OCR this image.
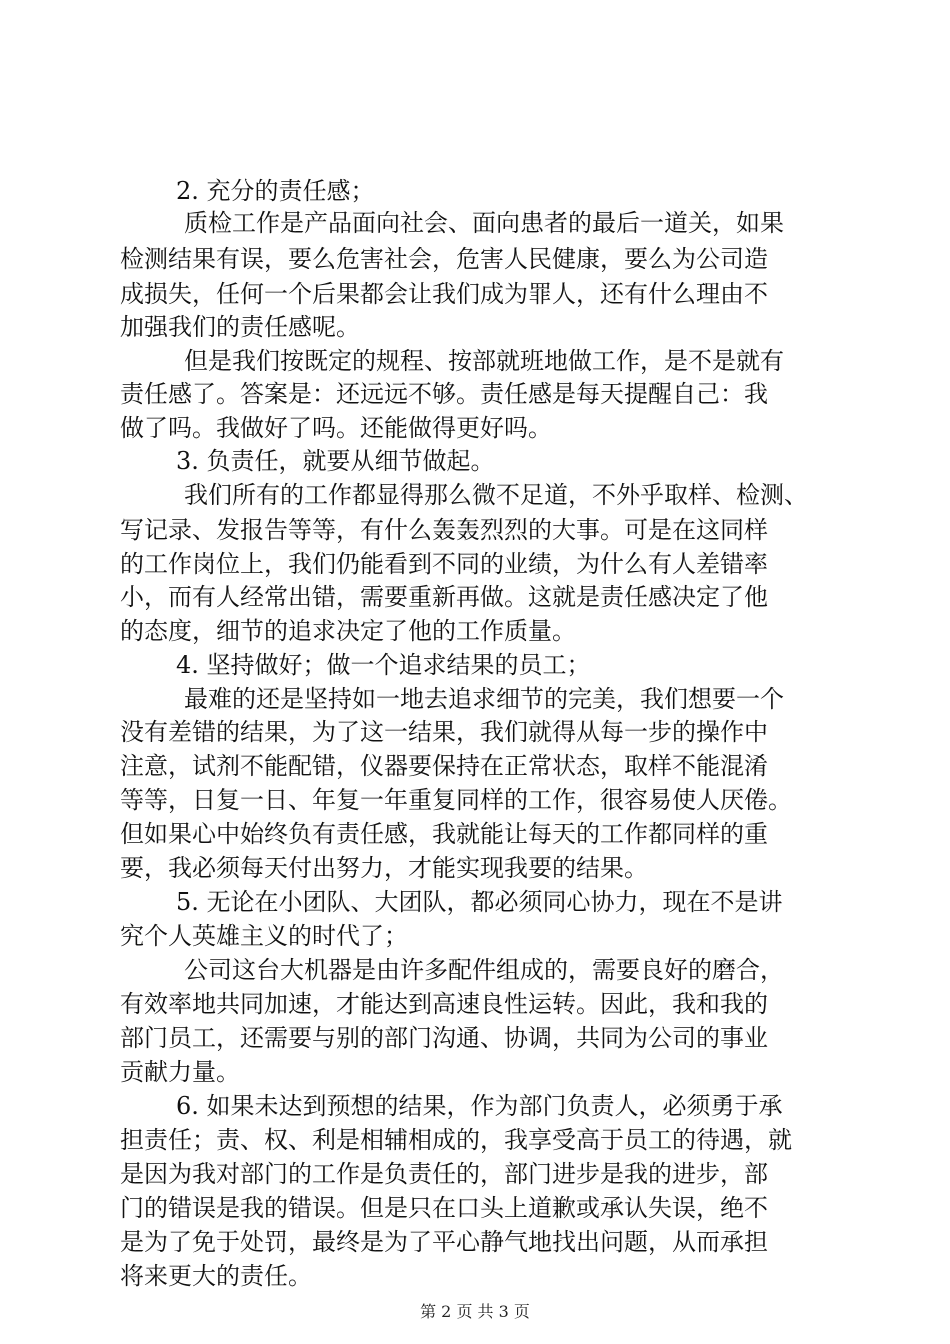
2. 充分的责任感；
质检工作是产品面向社会、面向患者的最后一道关，如果
检测结果有误，要么危害社会，危害人民健康，要么为公司造
成损失，任何一个后果都会让我们成为罪人，还有什么理由不
加强我们的责任感呢。
但是我们按既定的规程、按部就班地做工作，是不是就有
责任感了。答案是：还远远不够。责任感是每天提醒自己：我
做了吗。我做好了吗。还能做得更好吗。
3. 负责任，就要从细节做起。
我们所有的工作都显得那么微不足道，不外乎取样、检测、
写记录、发报告等等，有什么轰轰烈烈的大事。可是在这同样
的工作岗位上，我们仍能看到不同的业绩，为什么有人差错率
小，而有人经常出错，需要重新再做。这就是责任感决定了他
的态度，细节的追求决定了他的工作质量。
4. 坚持做好；做一个追求结果的员工；
最难的还是坚持如一地去追求细节的完美，我们想要一个
没有差错的结果，为了这一结果，我们就得从每一步的操作中
注意，试剂不能配错，仪器要保持在正常状态，取样不能混淆
等等，日复一日、年复一年重复同样的工作，很容易使人厌倦。
但如果心中始终负有责任感，我就能让每天的工作都同样的重
要，我必须每天付出努力，才能实现我要的结果。
5. 无论在小团队、大团队，都必须同心协力，现在不是讲
究个人英雄主义的时代了；
公司这台大机器是由许多配件组成的，需要良好的磨合，
有效率地共同加速，才能达到高速良性运转。因此，我和我的
部门员工，还需要与别的部门沟通、协调，共同为公司的事业
贡献力量。
6. 如果未达到预想的结果，作为部门负责人，必须勇于承
担责任；责、权、利是相辅相成的，我享受高于员工的待遇，就
是因为我对部门的工作是负责任的，部门进步是我的进步，部
门的错误是我的错误。但是只在口头上道歉或承认失误，绝不
是为了免于处罚，最终是为了平心静气地找出问题，从而承担
将来更大的责任。
第 2 页 共 3 页
